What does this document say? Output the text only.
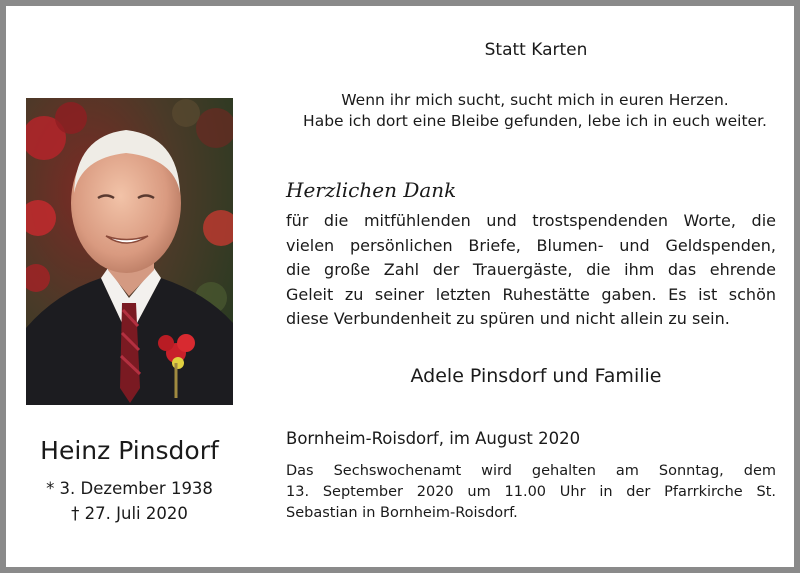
Statt Karten

Wenn ihr mich sucht, sucht mich in euren Herzen.
Habe ich dort eine Bleibe gefunden, lebe ich in euch weiter.

Heinz Pinsdorf
* 3. Dezember 1938
† 27. Juli 2020
Herzlichen Dank

für die mitfühlenden und trostspendenden Worte, die
vielen persönlichen Briefe, Blumen- und Geldspenden,
die große Zahl der Trauergäste, die ihm das ehrende
Geleit zu seiner letzten Ruhestätte gaben. Es ist schön
diese Verbundenheit zu spüren und nicht allein zu sein.

Adele Pinsdorf und Familie

Bornheim-Roisdorf, im August 2020

Das Sechswochenamt wird gehalten am Sonntag, dem
13. September 2020 um 11.00 Uhr in der Pfarrkirche St.
Sebastian in Bornheim-Roisdorf.
